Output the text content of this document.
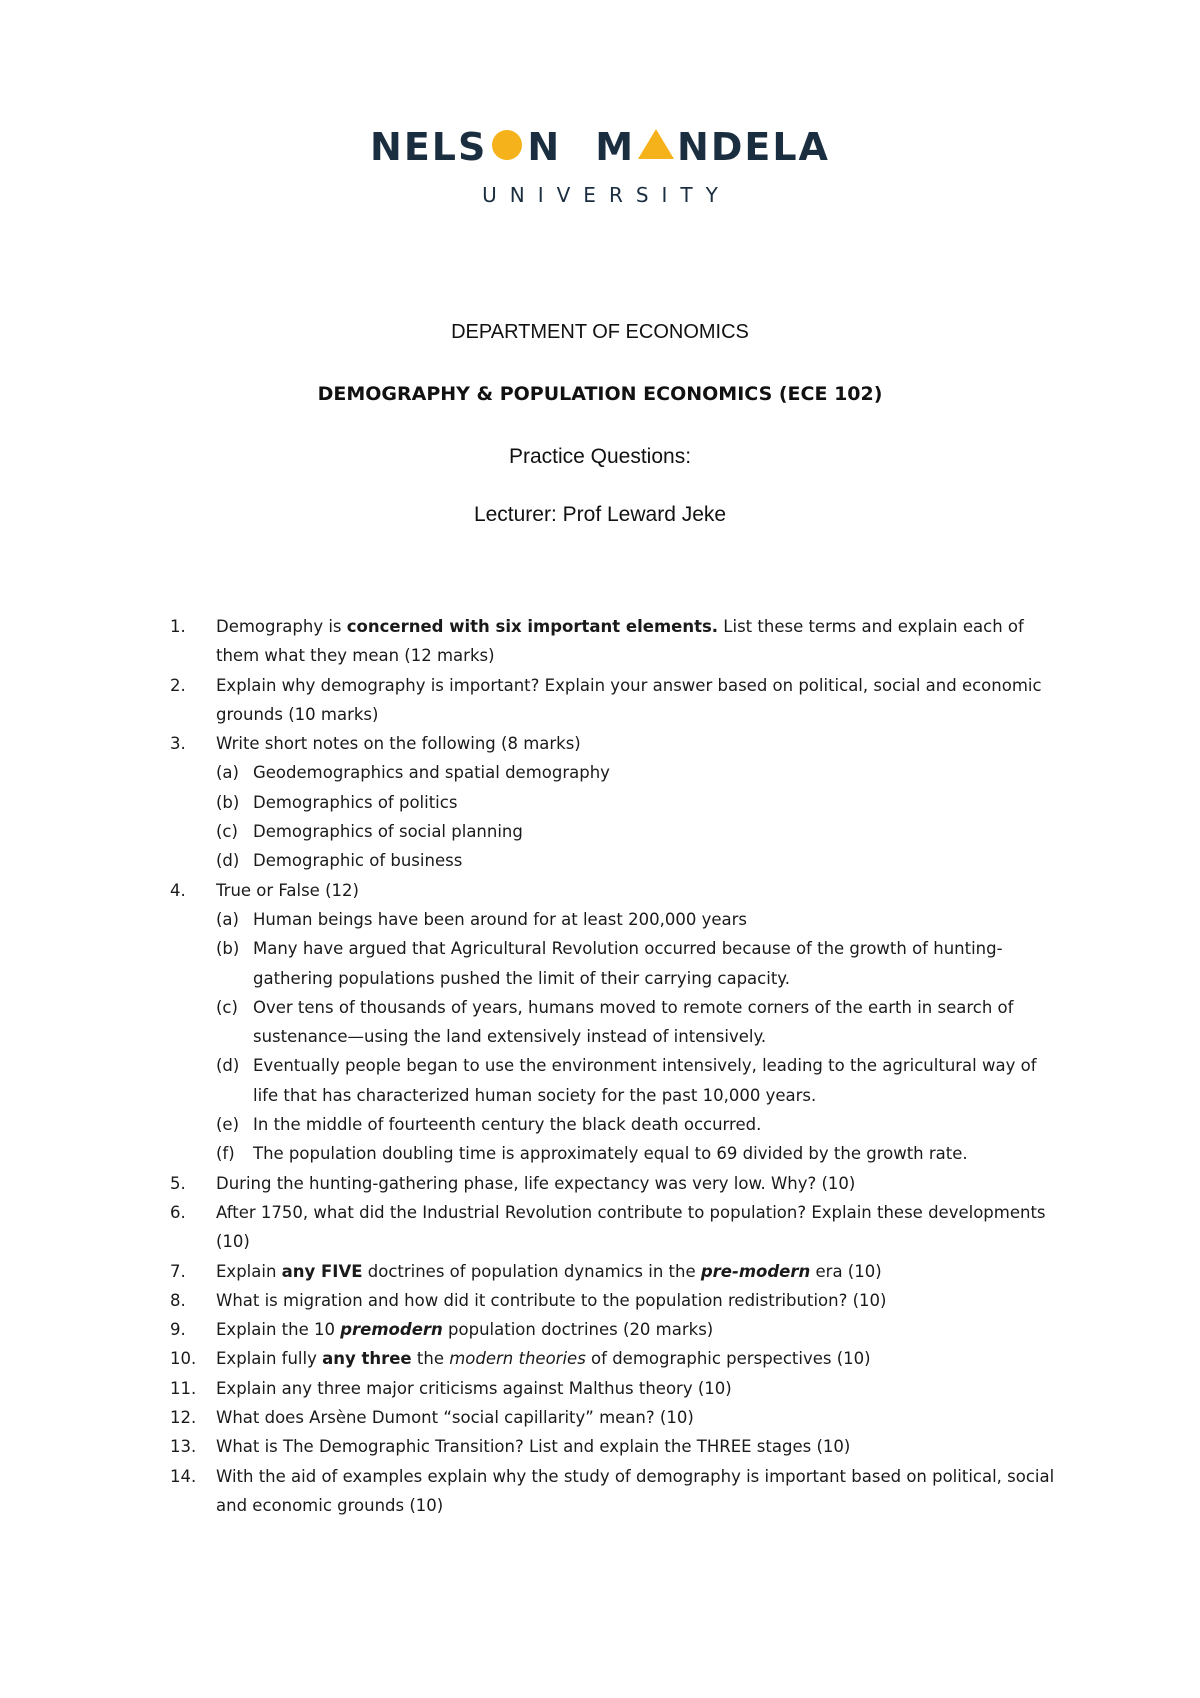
NELS N M NDELA
UNIVERSITY
DEPARTMENT OF ECONOMICS
DEMOGRAPHY & POPULATION ECONOMICS (ECE 102)
Practice Questions:
Lecturer: Prof Leward Jeke
1. Demography is concerned with six important elements. List these terms and explain each of them what they mean (12 marks)
2. Explain why demography is important? Explain your answer based on political, social and economic grounds (10 marks)
3. Write short notes on the following (8 marks)
(a) Geodemographics and spatial demography
(b) Demographics of politics
(c) Demographics of social planning
(d) Demographic of business
4. True or False (12)
(a) Human beings have been around for at least 200,000 years
(b) Many have argued that Agricultural Revolution occurred because of the growth of hunting-gathering populations pushed the limit of their carrying capacity.
(c) Over tens of thousands of years, humans moved to remote corners of the earth in search of sustenance—using the land extensively instead of intensively.
(d) Eventually people began to use the environment intensively, leading to the agricultural way of life that has characterized human society for the past 10,000 years.
(e) In the middle of fourteenth century the black death occurred.
(f) The population doubling time is approximately equal to 69 divided by the growth rate.
5. During the hunting-gathering phase, life expectancy was very low. Why? (10)
6. After 1750, what did the Industrial Revolution contribute to population? Explain these developments (10)
7. Explain any FIVE doctrines of population dynamics in the pre-modern era (10)
8. What is migration and how did it contribute to the population redistribution? (10)
9. Explain the 10 premodern population doctrines (20 marks)
10. Explain fully any three the modern theories of demographic perspectives (10)
11. Explain any three major criticisms against Malthus theory (10)
12. What does Arsène Dumont “social capillarity” mean? (10)
13. What is The Demographic Transition? List and explain the THREE stages (10)
14. With the aid of examples explain why the study of demography is important based on political, social and economic grounds (10)
